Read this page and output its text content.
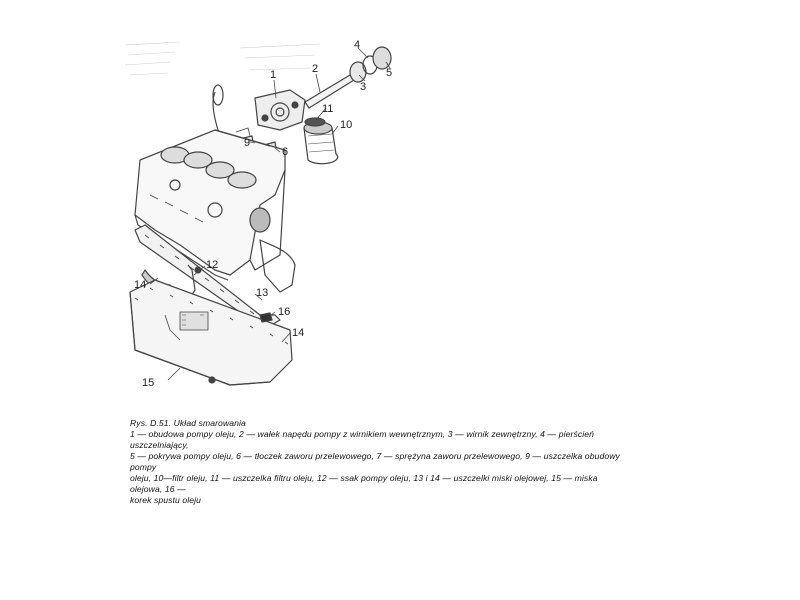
1	2
3
4
5
6
9
10
11
12
13
14
14
15
16
Rys. D.51. Układ smarowania
1 — obudowa pompy oleju, 2 — wałek napędu pompy z wirnikiem wewnętrznym, 3 — wirnik zewnętrzny, 4 — pierścień
uszczelniający,
5 — pokrywa pompy oleju, 6 — tłoczek zaworu przelewowego, 7 — sprężyna zaworu przelewowego, 9 — uszczelka obudowy
pompy
oleju, 10—filtr oleju, 11 — uszczelka filtru oleju, 12 — ssak pompy oleju, 13 i 14 — uszczelki miski olejowej, 15 — miska
olejowa, 16 —
korek spustu oleju
